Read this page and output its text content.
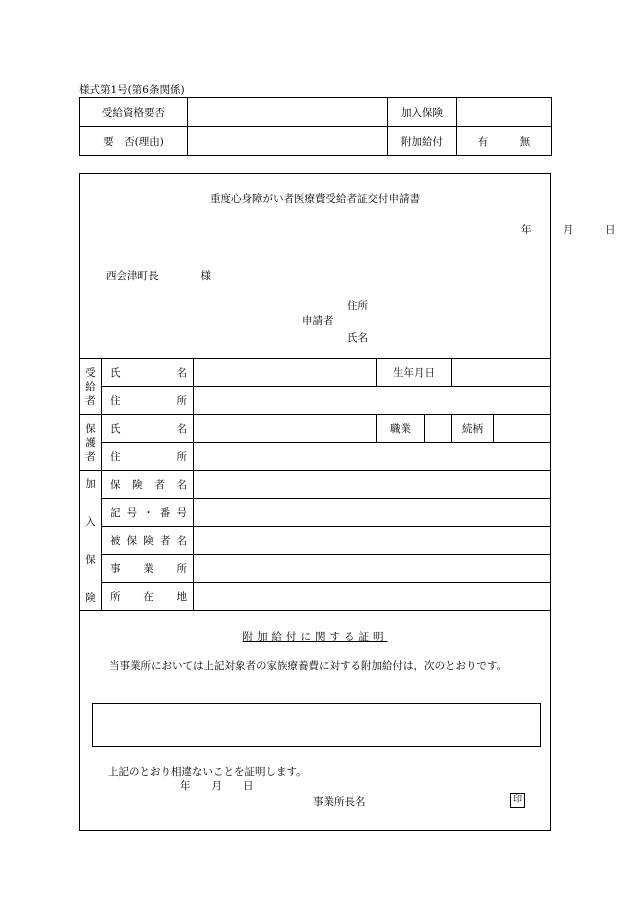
様式第1号(第6条関係)
受給資格要否		加入保険	
要　否(理由)		附加給付	有　　　無
重度心身障がい者医療費受給者証交付申請書
年　　　月　　　日
西会津町長　　　　様
住所
申請者
氏名
受
給
者	氏名		生年月日			
	住所					
保
護
者	氏名		職業		続柄	
	住所					

加
入
保
険	保険者名					
	記号・番号					
	被保険者名					
	事業所					
	所在地					
附加給付に関する証明
当事業所においては上記対象者の家族療養費に対する附加給付は，次のとおりです。
上記のとおり相違ないことを証明します。
年　　月　　日
事業所長名	印
